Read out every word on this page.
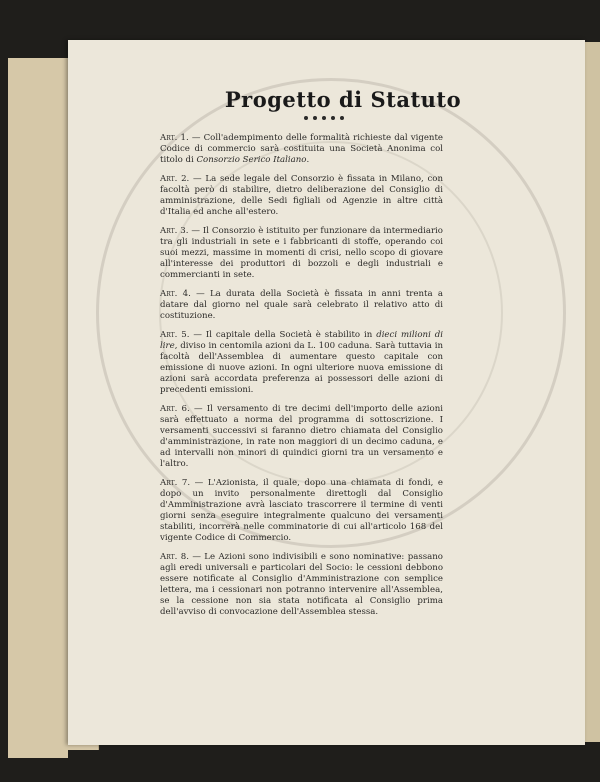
Progetto di Statuto

Art. 1. — Coll'adempimento delle formalità richieste dal vigente Codice di commercio sarà costituita una Società Anonima col titolo di Consorzio Serico Italiano.

Art. 2. — La sede legale del Consorzio è fissata in Milano, con facoltà però di stabilire, dietro deliberazione del Consiglio di amministrazione, delle Sedi figliali od Agenzie in altre città d'Italia ed anche all'estero.

Art. 3. — Il Consorzio è istituito per funzionare da intermediario tra gli industriali in sete e i fabbricanti di stoffe, operando coi suoi mezzi, massime in momenti di crisi, nello scopo di giovare all'interesse dei produttori di bozzoli e degli industriali e commercianti in sete.

Art. 4. — La durata della Società è fissata in anni trenta a datare dal giorno nel quale sarà celebrato il relativo atto di costituzione.

Art. 5. — Il capitale della Società è stabilito in dieci milioni di lire, diviso in centomila azioni da L. 100 caduna. Sarà tuttavia in facoltà dell'Assemblea di aumentare questo capitale con emissione di nuove azioni. In ogni ulteriore nuova emissione di azioni sarà accordata preferenza ai possessori delle azioni di precedenti emissioni.

Art. 6. — Il versamento di tre decimi dell'importo delle azioni sarà effettuato a norma del programma di sottoscrizione. I versamenti successivi si faranno dietro chiamata del Consiglio d'amministrazione, in rate non maggiori di un decimo caduna, e ad intervalli non minori di quindici giorni tra un versamento e l'altro.

Art. 7. — L'Azionista, il quale, dopo una chiamata di fondi, e dopo un invito personalmente direttogli dal Consiglio d'Amministrazione avrà lasciato trascorrere il termine di venti giorni senza eseguire integralmente qualcuno dei versamenti stabiliti, incorrerà nelle comminatorie di cui all'articolo 168 del vigente Codice di Commercio.

Art. 8. — Le Azioni sono indivisibili e sono nominative: passano agli eredi universali e particolari del Socio: le cessioni debbono essere notificate al Consiglio d'Amministrazione con semplice lettera, ma i cessionari non potranno intervenire all'Assemblea, se la cessione non sia stata notificata al Consiglio prima dell'avviso di convocazione dell'Assemblea stessa.
